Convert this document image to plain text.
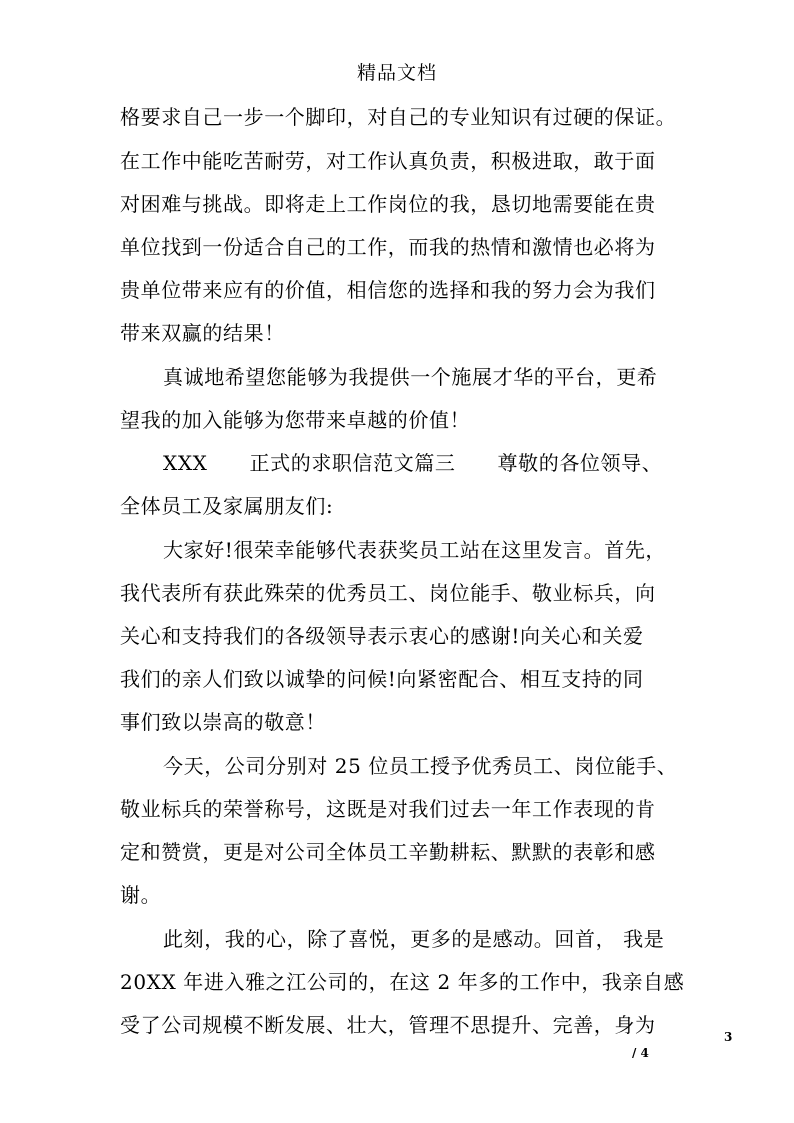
精品文档
格要求自己一步一个脚印，对自己的专业知识有过硬的保证。
在工作中能吃苦耐劳，对工作认真负责，积极进取，敢于面
对困难与挑战。即将走上工作岗位的我，恳切地需要能在贵
单位找到一份适合自己的工作，而我的热情和激情也必将为
贵单位带来应有的价值，相信您的选择和我的努力会为我们
带来双赢的结果！
真诚地希望您能够为我提供一个施展才华的平台，更希
望我的加入能够为您带来卓越的价值！
XXX 正式的求职信范文篇三 尊敬的各位领导、
全体员工及家属朋友们:
大家好!很荣幸能够代表获奖员工站在这里发言。首先，
我代表所有获此殊荣的优秀员工、岗位能手、敬业标兵，向
关心和支持我们的各级领导表示衷心的感谢!向关心和关爱
我们的亲人们致以诚挚的问候!向紧密配合、相互支持的同
事们致以崇高的敬意！
今天，公司分别对 25 位员工授予优秀员工、岗位能手、
敬业标兵的荣誉称号，这既是对我们过去一年工作表现的肯
定和赞赏，更是对公司全体员工辛勤耕耘、默默的表彰和感
谢。
此刻，我的心，除了喜悦，更多的是感动。回首， 我是
20XX 年进入雅之江公司的，在这 2 年多的工作中，我亲自感
受了公司规模不断发展、壮大，管理不思提升、完善，身为	3
/ 4
